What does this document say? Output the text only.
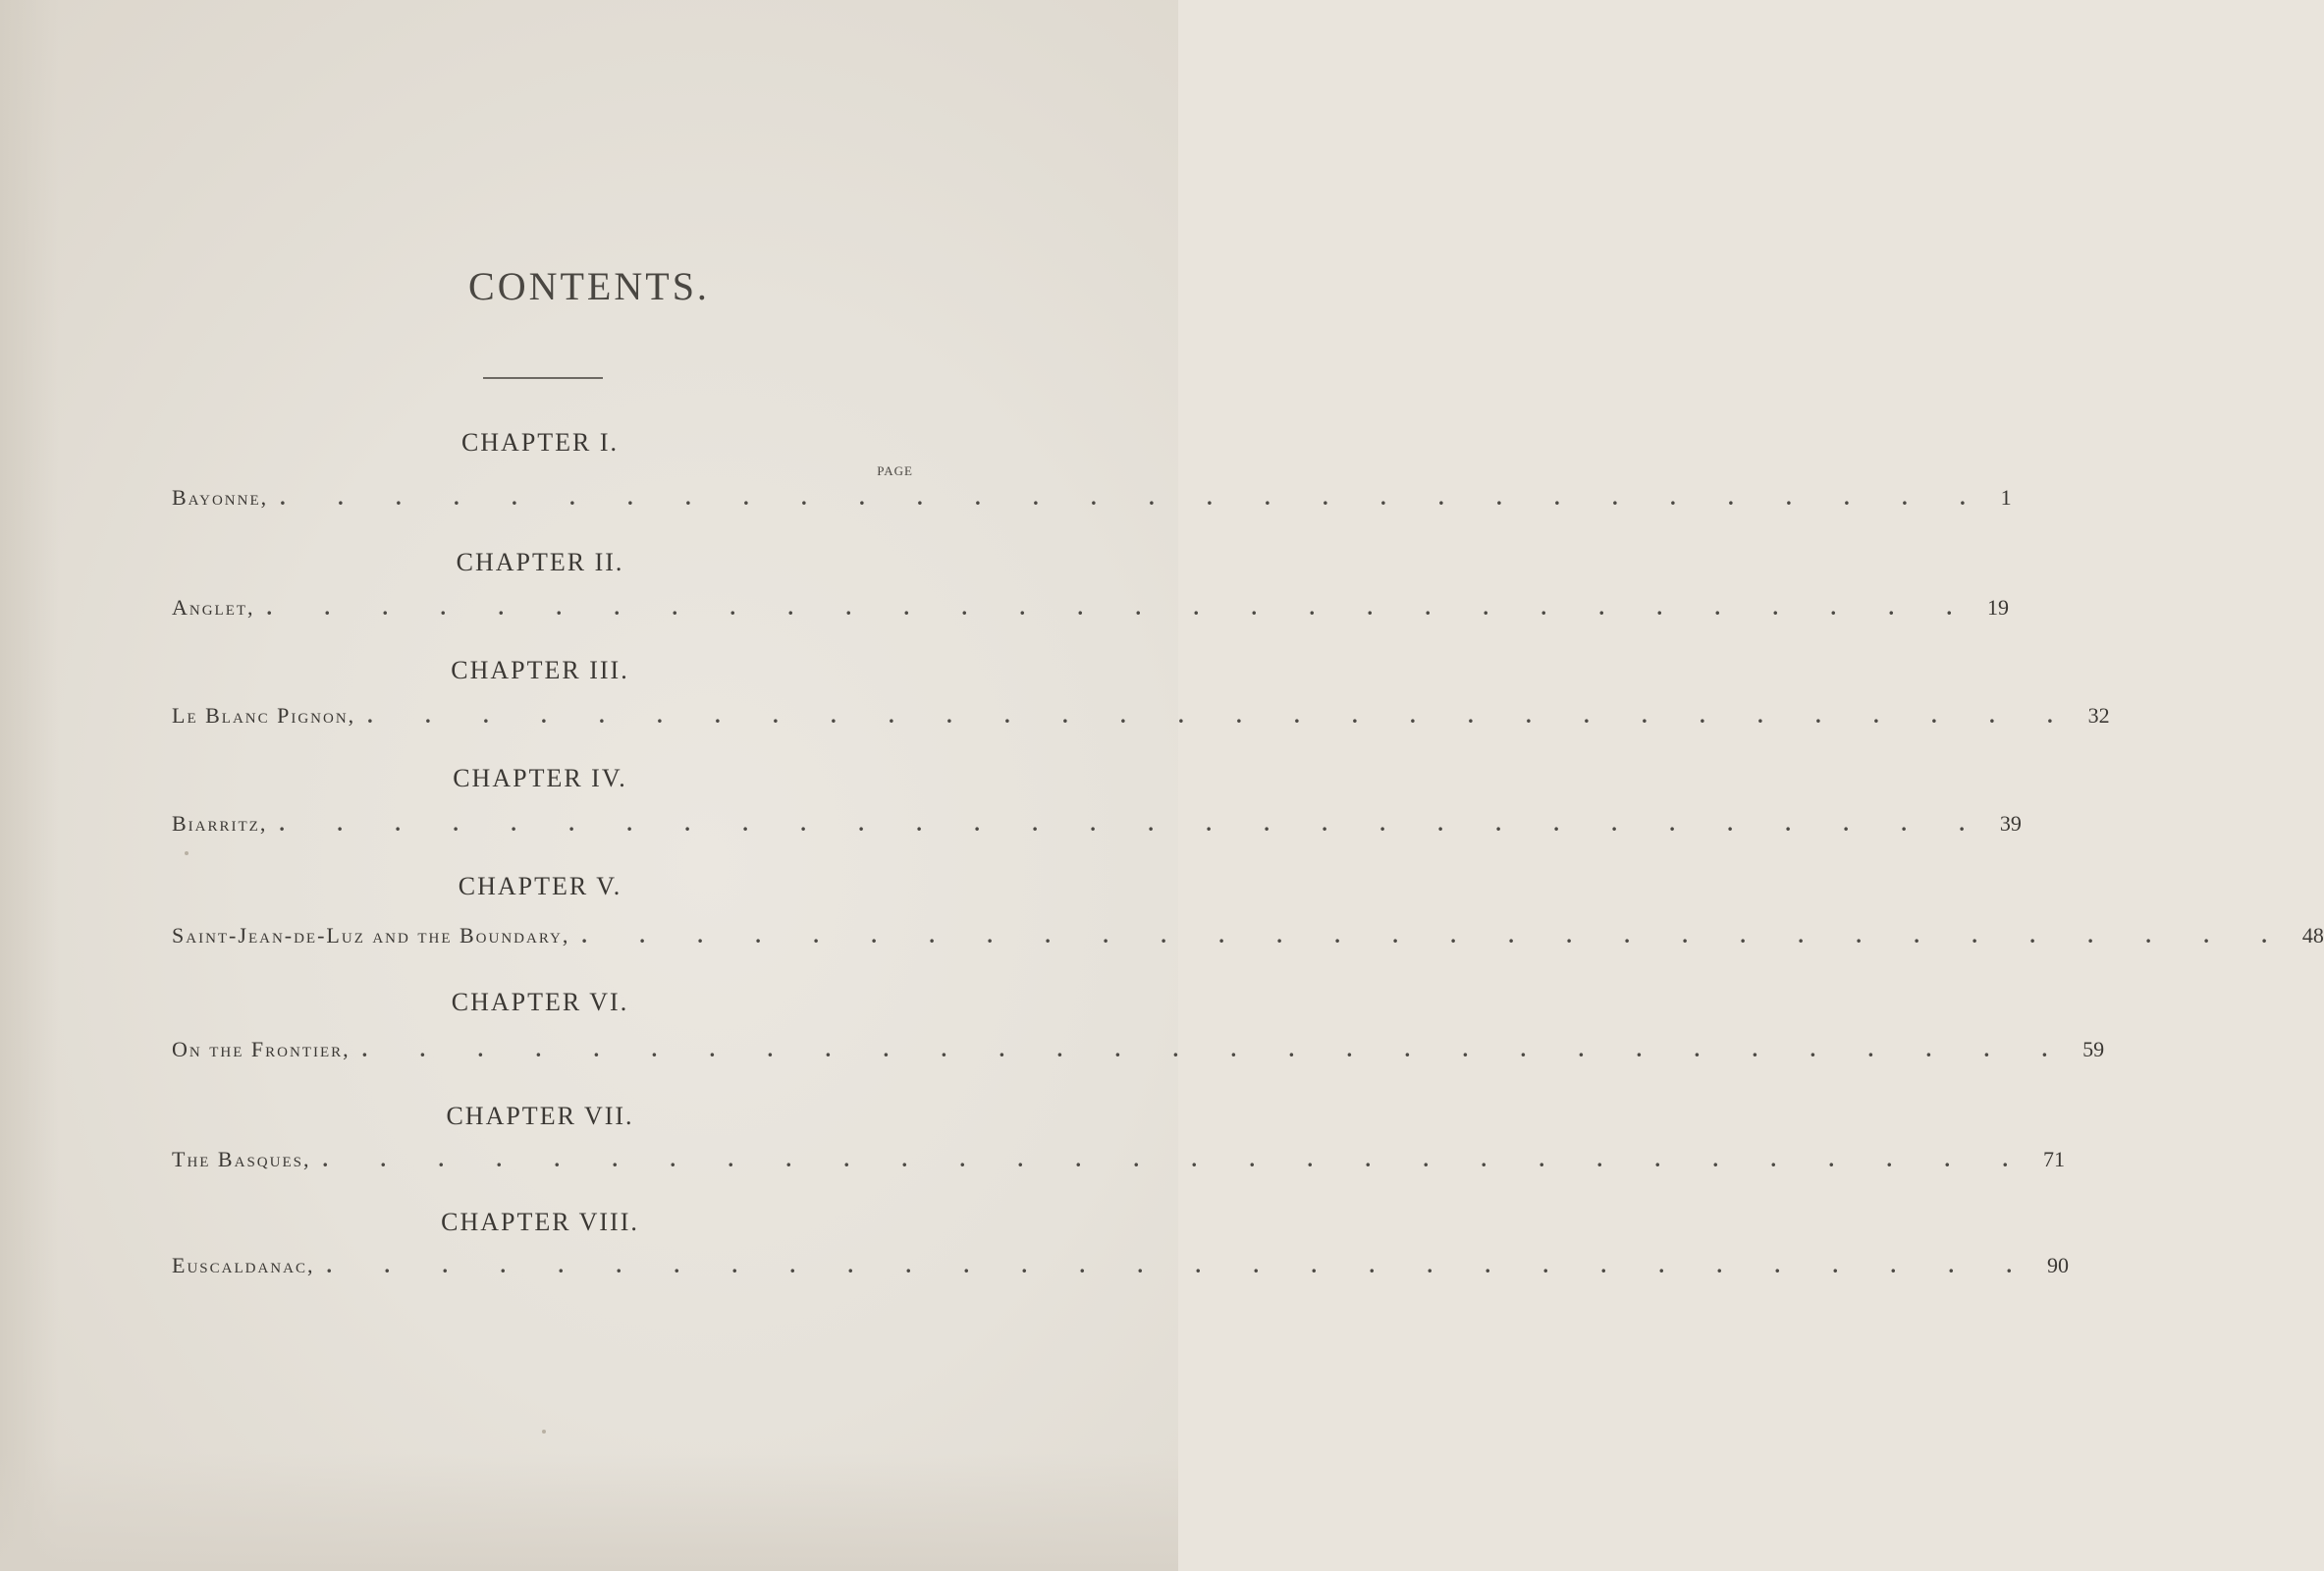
CONTENTS.
CHAPTER I.
PAGE
Bayonne, . . . . . . . . . . . . . . . . . . . . . . . . . . . . . . 1
CHAPTER II.
Anglet, . . . . . . . . . . . . . . . . . . . . . . . . . . . . . . 19
CHAPTER III.
Le Blanc Pignon, . . . . . . . . . . . . . . . . . . . . . . . . . . . . . . 32
CHAPTER IV.
Biarritz, . . . . . . . . . . . . . . . . . . . . . . . . . . . . . . 39
CHAPTER V.
Saint-Jean-de-Luz and the Boundary, . . . . . . . . . . . . . . . . . . . . . . . . . . . . . . 48
CHAPTER VI.
On the Frontier, . . . . . . . . . . . . . . . . . . . . . . . . . . . . . . 59
CHAPTER VII.
The Basques, . . . . . . . . . . . . . . . . . . . . . . . . . . . . . . 71
CHAPTER VIII.
Euscaldanac, . . . . . . . . . . . . . . . . . . . . . . . . . . . . . . 90
